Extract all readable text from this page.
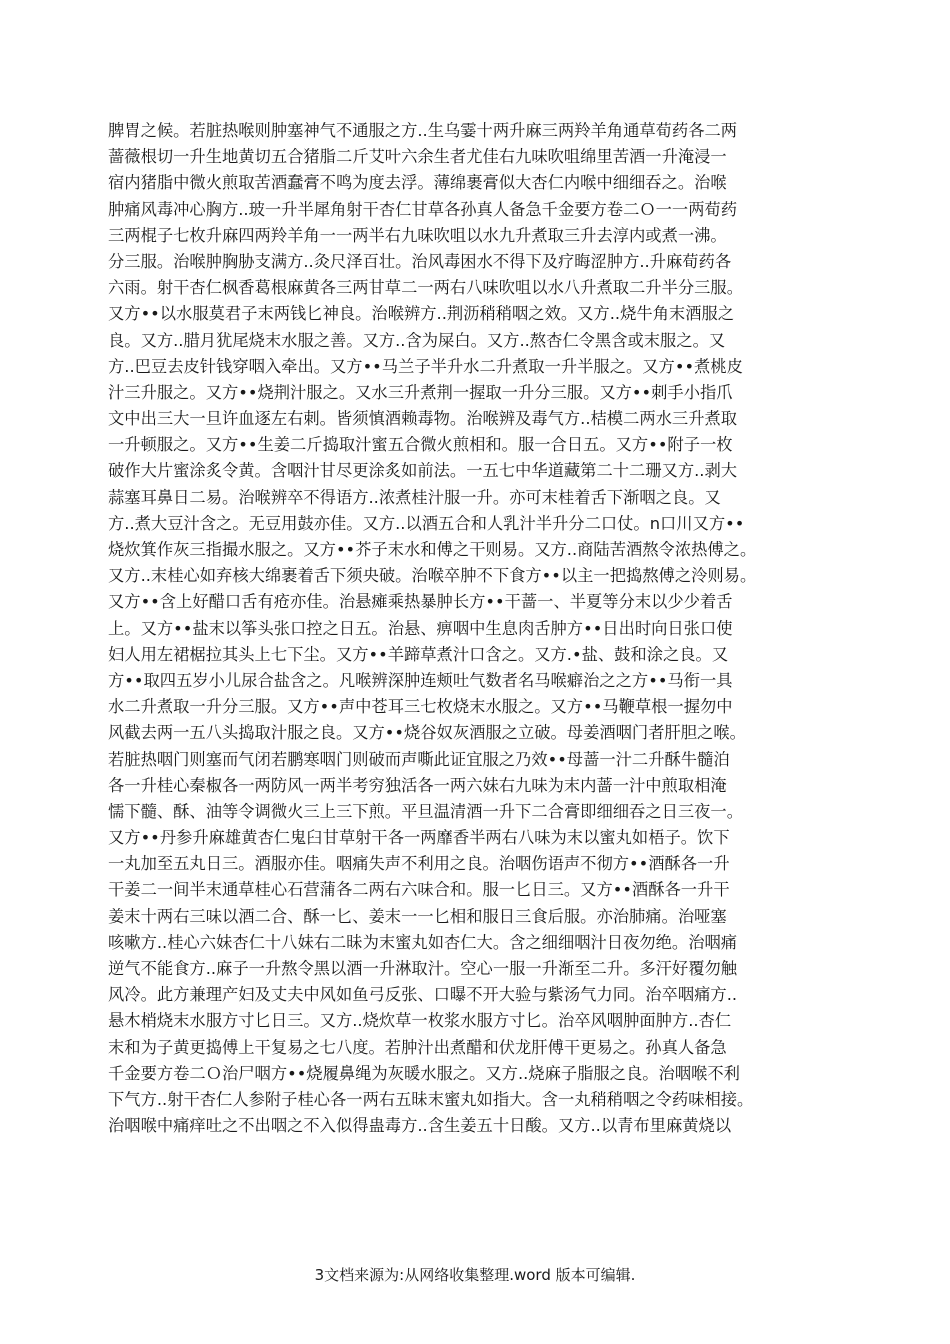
脾胃之候。若脏热喉则肿塞神气不通服之方..生乌霎十两升麻三两羚羊角通草荀药各二两
蔷薇根切一升生地黄切五合猪脂二斤艾叶六余生者尤佳右九味吹咀绵里苦酒一升淹浸一
宿内猪脂中微火煎取苦酒蠢膏不鸣为度去浮。薄绵裹膏似大杏仁内喉中细细吞之。治喉
肿痛风毒冲心胸方..玻一升半犀角射干杏仁甘草各孙真人备急千金要方卷二Ｏ一一两荀药
三两棍子七枚升麻四两羚羊角一一两半右九味吹咀以水九升煮取三升去淳内或煮一沸。
分三服。治喉肿胸胁支满方..灸尺泽百壮。治风毒困水不得下及疗晦涩肿方..升麻荀药各
六雨。射干杏仁枫香葛根麻黄各三两甘草二一两右八味吹咀以水八升煮取二升半分三服。
又方••以水服莫君子末两钱匕神良。治喉辨方..荆沥稍稍咽之效。又方..烧牛角末酒服之
良。又方..腊月犹尾烧末水服之善。又方..含为屎白。又方..熬杏仁令黑含或末服之。又
方..巴豆去皮针钱穿咽入牵出。又方••马兰子半升水二升煮取一升半服之。又方••煮桃皮
汁三升服之。又方••烧荆汁服之。又水三升煮荆一握取一升分三服。又方••刺手小指爪
文中出三大一旦许血逐左右刺。皆须慎酒赖毒物。治喉辨及毒气方..桔模二两水三升煮取
一升顿服之。又方••生姜二斤捣取汁蜜五合微火煎相和。服一合日五。又方••附子一枚
破作大片蜜涂炙令黄。含咽汁甘尽更涂炙如前法。一五七中华道藏第二十二珊又方..剥大
蒜塞耳鼻日二易。治喉辨卒不得语方..浓煮桂汁服一升。亦可末桂着舌下渐咽之良。又
方..煮大豆汁含之。无豆用鼓亦佳。又方..以酒五合和人乳汁半升分二口仗。n口川又方••
烧炊箕作灰三指撮水服之。又方••芥子末水和傅之干则易。又方..商陆苦酒熬令浓热傅之。
又方..末桂心如弃核大绵裹着舌下须央破。治喉卒肿不下食方••以主一把捣熬傅之泠则易。
又方••含上好醋口舌有疮亦佳。治悬瘫乘热暴肿长方••干蔷一、半夏等分末以少少着舌
上。又方••盐末以筝头张口控之日五。治悬、痹咽中生息肉舌肿方••日出时向日张口使
妇人用左裙椐拉其头上七下尘。又方••羊蹄草煮汁口含之。又方.•盐、鼓和涂之良。又
方••取四五岁小儿尿合盐含之。凡喉辨深肿连颊吐气数者名马喉癖治之之方••马衔一具
水二升煮取一升分三服。又方••声中苍耳三七枚烧末水服之。又方••马鞭草根一握勿中
风截去两一五八头捣取汁服之良。又方••烧谷奴灰酒服之立破。母姜酒咽门者肝胆之喉。
若脏热咽门则塞而气闭若鹏寒咽门则破而声嘶此证宜服之乃效••母蔷一汁二升酥牛髓泊
各一升桂心秦椒各一两防风一两半考穷独活各一两六妹右九味为末内蔷一汁中煎取相淹
懦下髓、酥、油等令调微火三上三下煎。平旦温清酒一升下二合膏即细细吞之日三夜一。
又方••丹参升麻雄黄杏仁鬼臼甘草射干各一两靡香半两右八味为末以蜜丸如梧子。饮下
一丸加至五丸日三。酒服亦佳。咽痛失声不利用之良。治咽伤语声不彻方••酒酥各一升
干姜二一间半末通草桂心石营蒲各二两右六味合和。服一匕日三。又方••酒酥各一升干
姜末十两右三味以酒二合、酥一匕、姜末一一匕相和服日三食后服。亦治肺痛。治哑塞
咳嗽方..桂心六妹杏仁十八妹右二昧为末蜜丸如杏仁大。含之细细咽汁日夜勿绝。治咽痛
逆气不能食方..麻子一升熬令黑以酒一升淋取汁。空心一服一升渐至二升。多汗好覆勿触
风冷。此方兼理产妇及丈夫中风如鱼弓反张、口曝不开大验与紫汤气力同。治卒咽痛方..
悬木梢烧末水服方寸匕日三。又方..烧炊草一枚浆水服方寸匕。治卒风咽肿面肿方..杏仁
末和为子黄更捣傅上干复易之七八度。若肿汁出煮醋和伏龙肝傅干更易之。孙真人备急
千金要方卷二Ｏ治尸咽方••烧履鼻绳为灰暖水服之。又方..烧麻子脂服之良。治咽喉不利
下气方..射干杏仁人参附子桂心各一两右五昧末蜜丸如指大。含一丸稍稍咽之令药味相接。
治咽喉中痛痒吐之不出咽之不入似得蛊毒方..含生姜五十日酸。又方..以青布里麻黄烧以
3文档来源为:从网络收集整理.word 版本可编辑.
